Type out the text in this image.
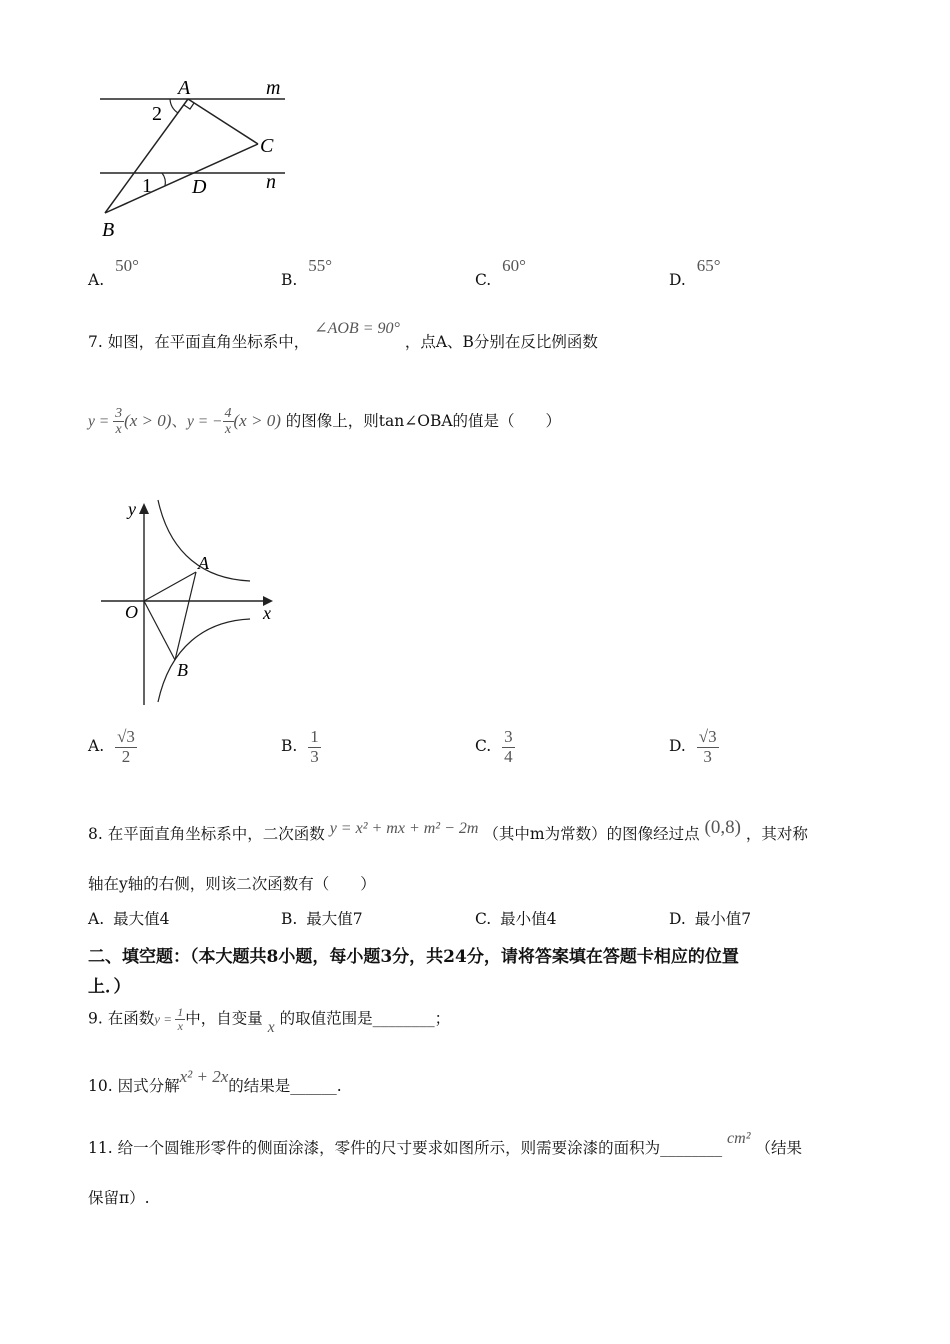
A	m
2
C
1 D	n
B
A. 50°
B. 55°
C. 60°
D. 65°
7. 如图，在平面直角坐标系中， ∠AOB = 90° ，点A、B分别在反比例函数
$y = \frac{3}{x} (x > 0)$、y = − $\frac{4}{x} (x > 0)$ 的图像上，则tan∠OBA的值是（　　）
y
x
O
A
B
A. $\frac{√3}{2}$	B. $\frac{1}{3}$	C. $\frac{3}{4}$	D. $\frac{√3}{3}$
8. 在平面直角坐标系中，二次函数 y = x² + mx + m² − 2m （其中m为常数）的图像经过点 (0,8) ，其对称
轴在y轴的右侧，则该二次函数有（　　）
A. 最大值4	B. 最大值7	C. 最小值4	D. 最小值7
二、填空题：（本大题共8小题，每小题3分，共24分，请将答案填在答题卡相应的位置
上．）
9. 在函数$y = \frac{1}{x}$ 中，自变量 x 的取值范围是________；
10. 因式分解x² + 2x的结果是______.
11. 给一个圆锥形零件的侧面涂漆，零件的尺寸要求如图所示，则需要涂漆的面积为________ cm² （结果
保留π）.
